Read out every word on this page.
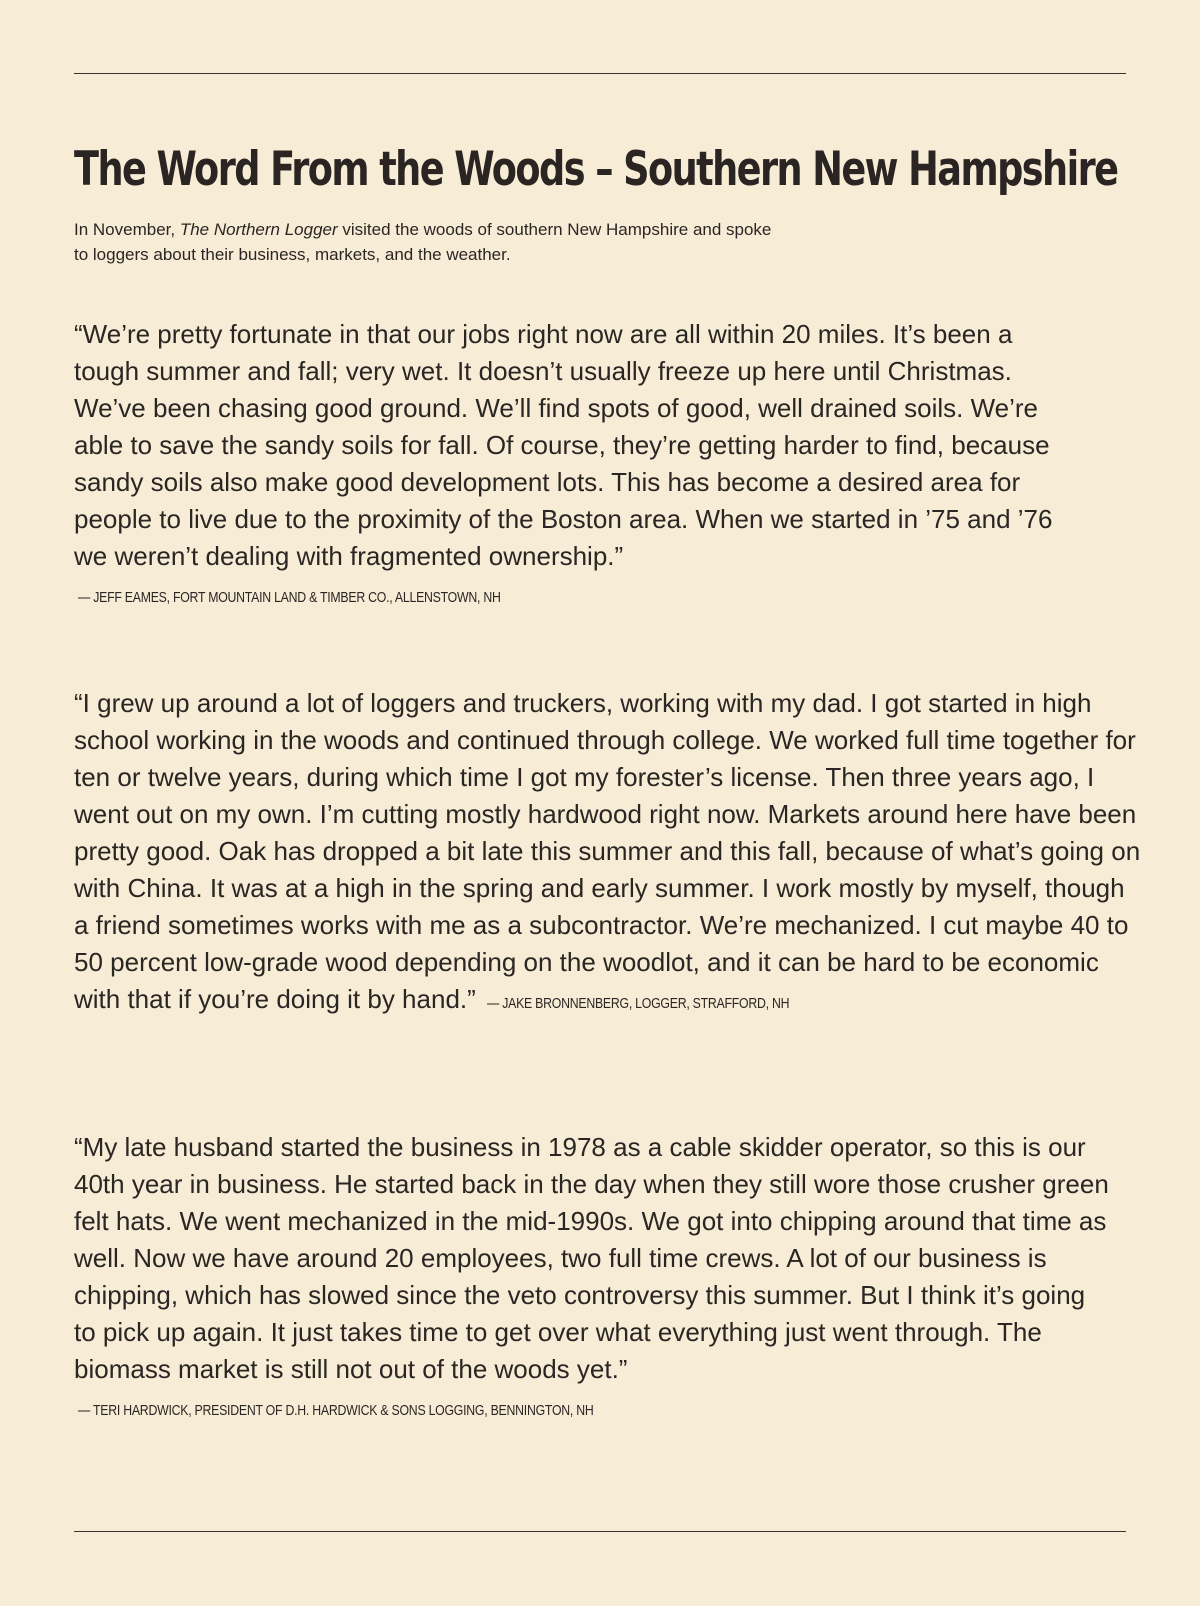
The Word From the Woods – Southern New Hampshire

In November, The Northern Logger visited the woods of southern New Hampshire and spoke to loggers about their business, markets, and the weather.

“We’re pretty fortunate in that our jobs right now are all within 20 miles. It’s been a tough summer and fall; very wet. It doesn’t usually freeze up here until Christmas. We’ve been chasing good ground. We’ll find spots of good, well drained soils. We’re able to save the sandy soils for fall. Of course, they’re getting harder to find, because sandy soils also make good development lots. This has become a desired area for people to live due to the proximity of the Boston area. When we started in ’75 and ’76 we weren’t dealing with fragmented ownership.” — JEFF EAMES, FORT MOUNTAIN LAND & TIMBER CO., ALLENSTOWN, NH

“I grew up around a lot of loggers and truckers, working with my dad. I got started in high school working in the woods and continued through college. We worked full time together for ten or twelve years, during which time I got my forester’s license. Then three years ago, I went out on my own. I’m cutting mostly hardwood right now. Markets around here have been pretty good. Oak has dropped a bit late this summer and this fall, because of what’s going on with China. It was at a high in the spring and early summer. I work mostly by myself, though a friend sometimes works with me as a subcontractor. We’re mechanized. I cut maybe 40 to 50 percent low-grade wood depending on the woodlot, and it can be hard to be economic with that if you’re doing it by hand.” — JAKE BRONNENBERG, LOGGER, STRAFFORD, NH

“My late husband started the business in 1978 as a cable skidder operator, so this is our 40th year in business. He started back in the day when they still wore those crusher green felt hats. We went mechanized in the mid-1990s. We got into chipping around that time as well. Now we have around 20 employees, two full time crews. A lot of our business is chipping, which has slowed since the veto controversy this summer. But I think it’s going to pick up again. It just takes time to get over what everything just went through. The biomass market is still not out of the woods yet.” — TERI HARDWICK, PRESIDENT OF D.H. HARDWICK & SONS LOGGING, BENNINGTON, NH
